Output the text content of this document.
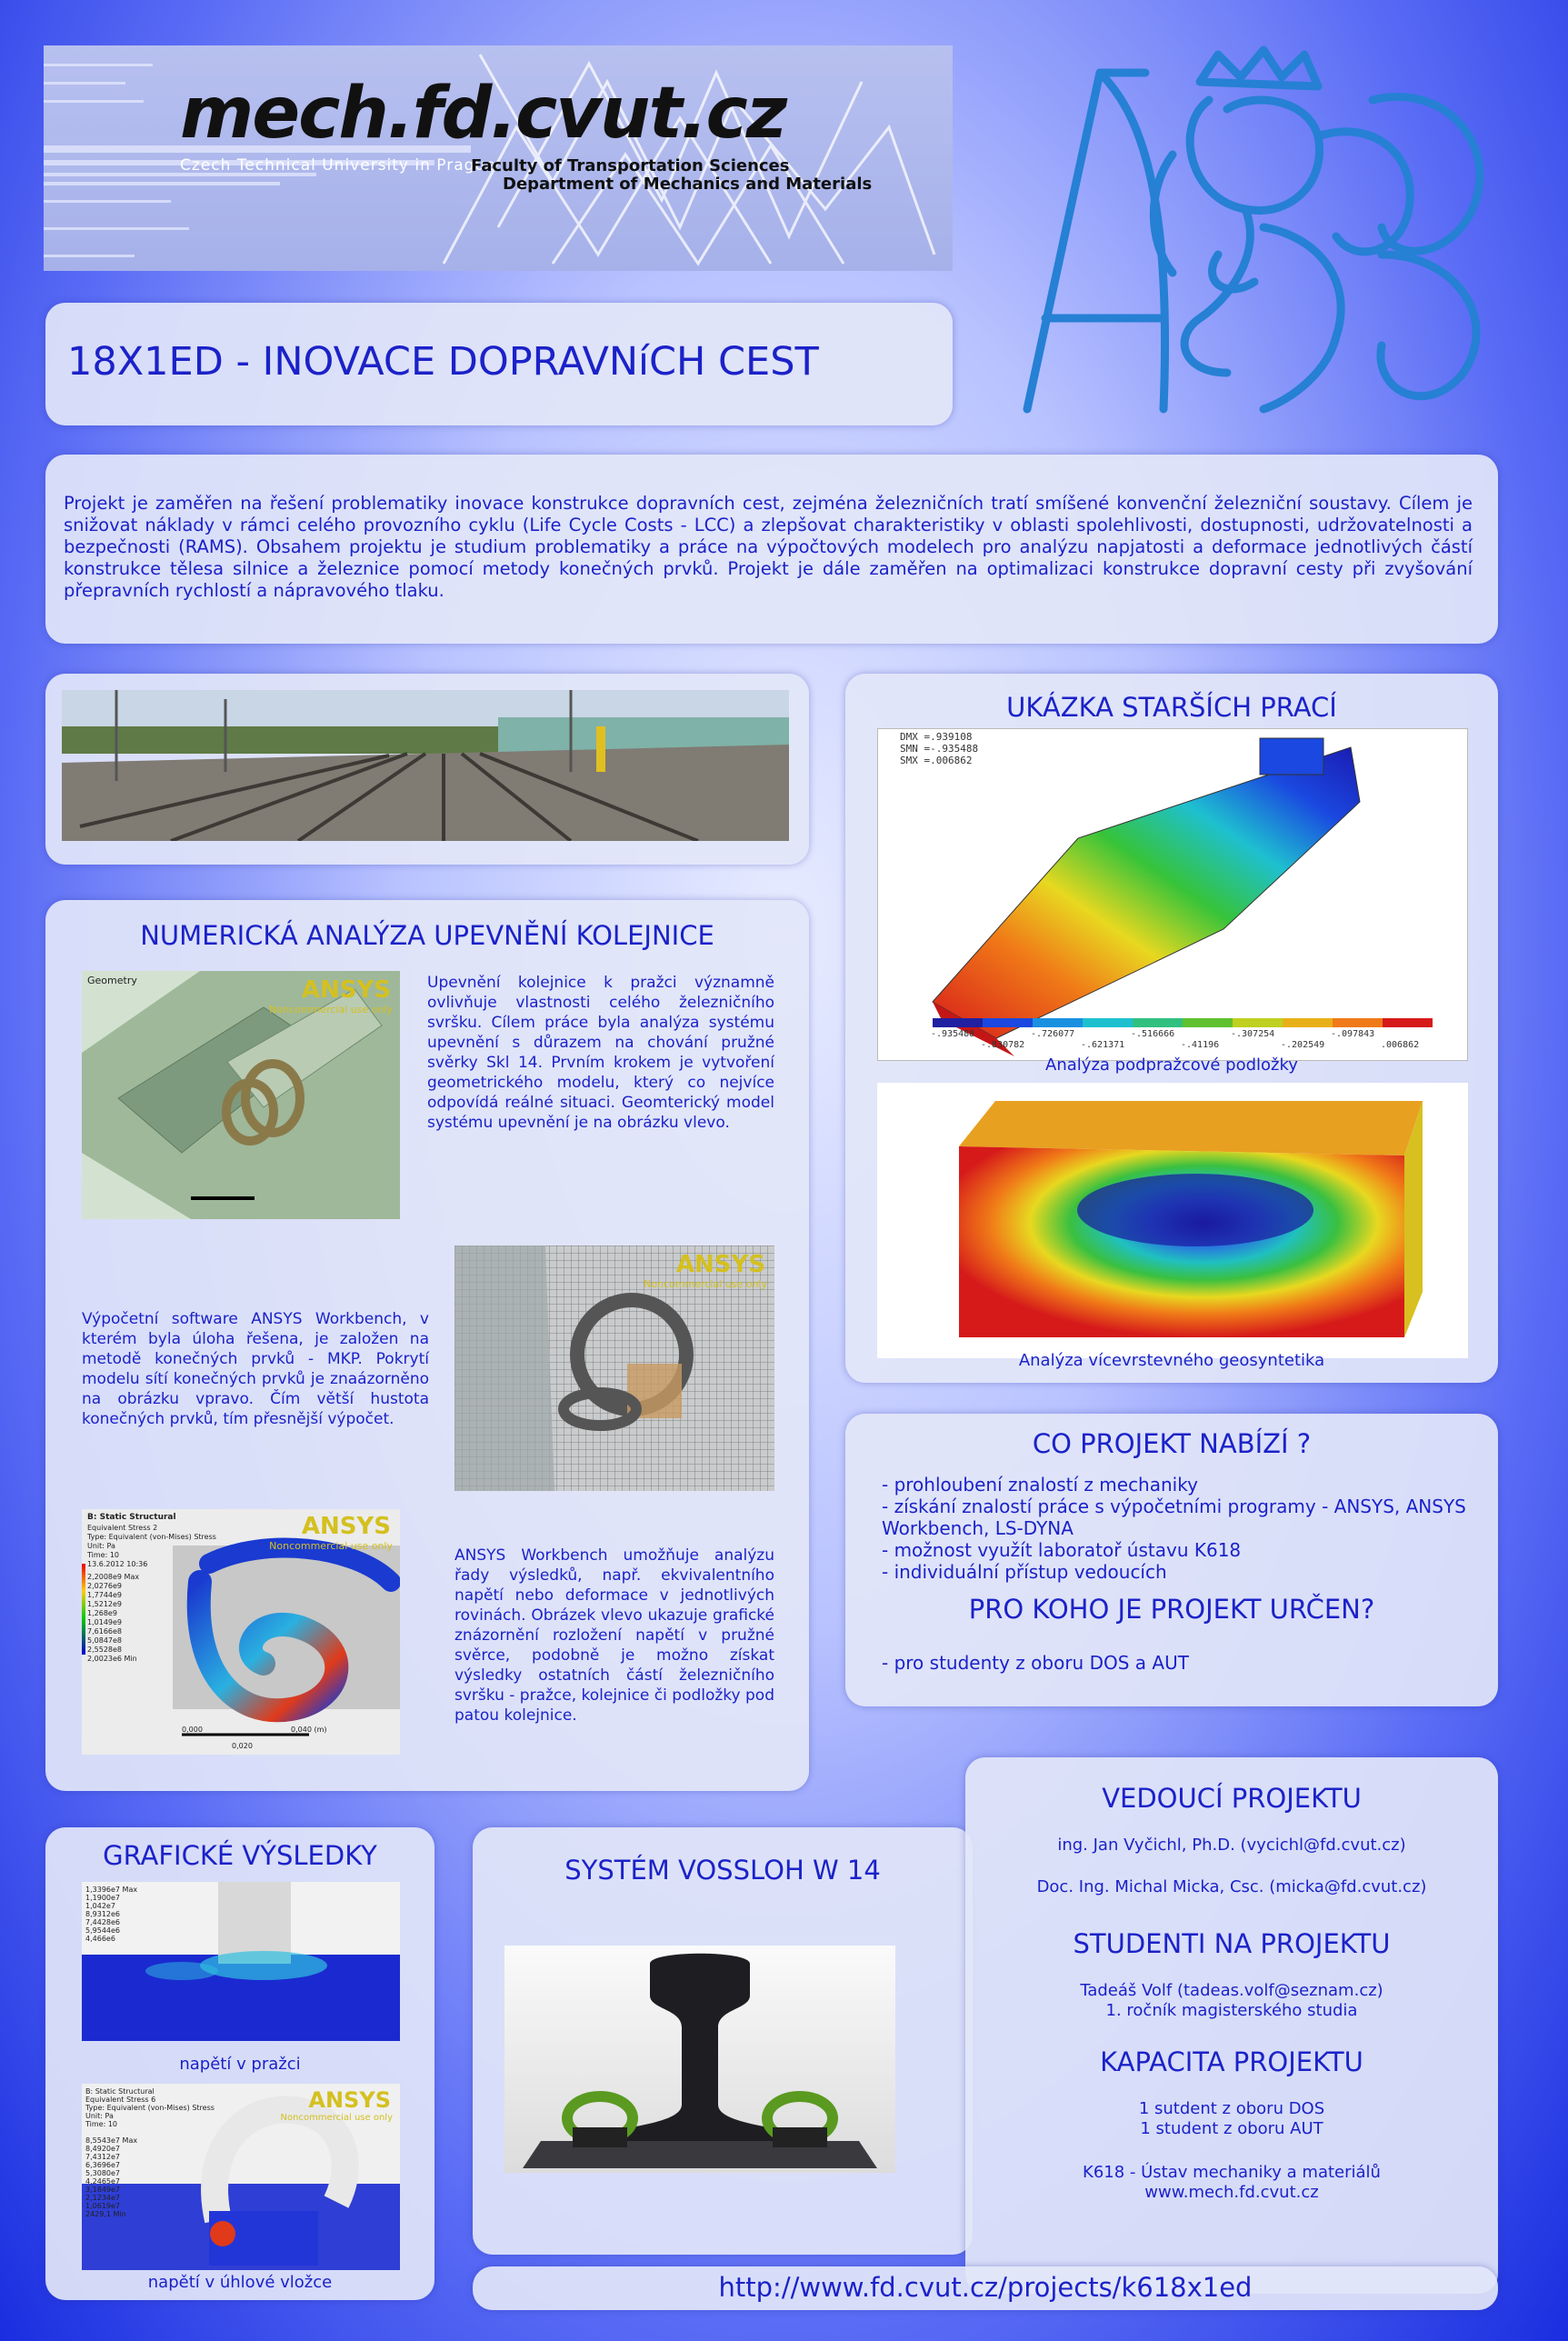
mech.fd.cvut.cz
Czech Technical University in Prague
Faculty of Transportation Sciences
Department of Mechanics and Materials
18X1ED - INOVACE DOPRAVNíCH CEST
Projekt je zaměřen na řešení problematiky inovace konstrukce dopravních cest, zejména železničních tratí smíšené konvenční železniční soustavy. Cílem je snižovat náklady v rámci celého provozního cyklu (Life Cycle Costs - LCC) a zlepšovat charakteristiky v oblasti spolehlivosti, dostupnosti, udržovatelnosti a bezpečnosti (RAMS). Obsahem projektu je studium problematiky a práce na výpočtových modelech pro analýzu napjatosti a deformace jednotlivých částí konstrukce tělesa silnice a železnice pomocí metody konečných prvků. Projekt je dále zaměřen na optimalizaci konstrukce dopravní cesty při zvyšování přepravních rychlostí a nápravového tlaku.
NUMERICKÁ ANALÝZA UPEVNĚNÍ KOLEJNICE
Geometry	ANSYS
Noncommercial use only
Upevnění kolejnice k pražci významně ovlivňuje vlastnosti celého železničního svršku. Cílem práce byla analýza systému upevnění s důrazem na chování pružné svěrky Skl 14. Prvním krokem je vytvoření geometrického modelu, který co nejvíce odpovídá reálné situaci. Geomterický model systému upevnění je na obrázku vlevo.
ANSYS
Noncommercial use only
Výpočetní software ANSYS Workbench, v kterém byla úloha řešena, je založen na metodě konečných prvků - MKP. Pokrytí modelu sítí konečných prvků je znaázorněno na obrázku vpravo. Čím větší hustota konečných prvků, tím přesnější výpočet.
B: Static Structural
Equivalent Stress 2
Type: Equivalent (von-Mises) Stress
Unit: Pa
Time: 10
13.6.2012 10:36
2,2008e9 Max
2,0276e9
1,7744e9
1,5212e9
1,268e9
1,0149e9
7,6166e8
5,0847e8
2,5528e8
2,0023e6 Min
0,000	0,040 (m)
0,020
ANSYS
Noncommercial use only
ANSYS Workbench umožňuje analýzu řady výsledků, např. ekvivalentního napětí nebo deformace v jednotlivých rovinách. Obrázek vlevo ukazuje grafické znázornění rozložení napětí v pružné svěrce, podobně je možno získat výsledky ostatních částí železničního svršku - pražce, kolejnice či podložky pod patou kolejnice.
UKÁZKA STARŠÍCH PRACÍ
DMX =.939108
SMN =-.935488
SMX =.006862
-.935488
-.830782
-.726077
-.621371
-.516666
-.41196
-.307254
-.202549
-.097843
.006862
Analýza podpražcové podložky
Analýza vícevrstevného geosyntetika
CO PROJEKT NABÍZÍ ?
- prohloubení znalostí z mechaniky
- získání znalostí práce s výpočetními programy - ANSYS, ANSYS Workbench, LS-DYNA
- možnost využít laboratoř ústavu K618
- individuální přístup vedoucích
PRO KOHO JE PROJEKT URČEN?
- pro studenty z oboru DOS a AUT
GRAFICKÉ VÝSLEDKY
1,3396e7 Max
1,1900e7
1,042e7
8,9312e6
7,4428e6
5,9544e6
4,466e6
napětí v pražci
B: Static Structural
Equivalent Stress 6
Type: Equivalent (von-Mises) Stress
Unit: Pa
Time: 10
8,5543e7 Max
8,4920e7
7,4312e7
6,3696e7
5,3080e7
4,2465e7
3,1849e7
2,1234e7
1,0619e7
2429,1 Min
ANSYS
Noncommercial use only
napětí v úhlové vložce
SYSTÉM VOSSLOH W 14
VEDOUCÍ PROJEKTU
ing. Jan Vyčichl, Ph.D. (vycichl@fd.cvut.cz)
Doc. Ing. Michal Micka, Csc. (micka@fd.cvut.cz)
STUDENTI NA PROJEKTU
Tadeáš Volf (tadeas.volf@seznam.cz)
1. ročník magisterského studia
KAPACITA PROJEKTU
1 sutdent z oboru DOS
1 student z oboru AUT
K618 - Ústav mechaniky a materiálů
www.mech.fd.cvut.cz
http://www.fd.cvut.cz/projects/k618x1ed
